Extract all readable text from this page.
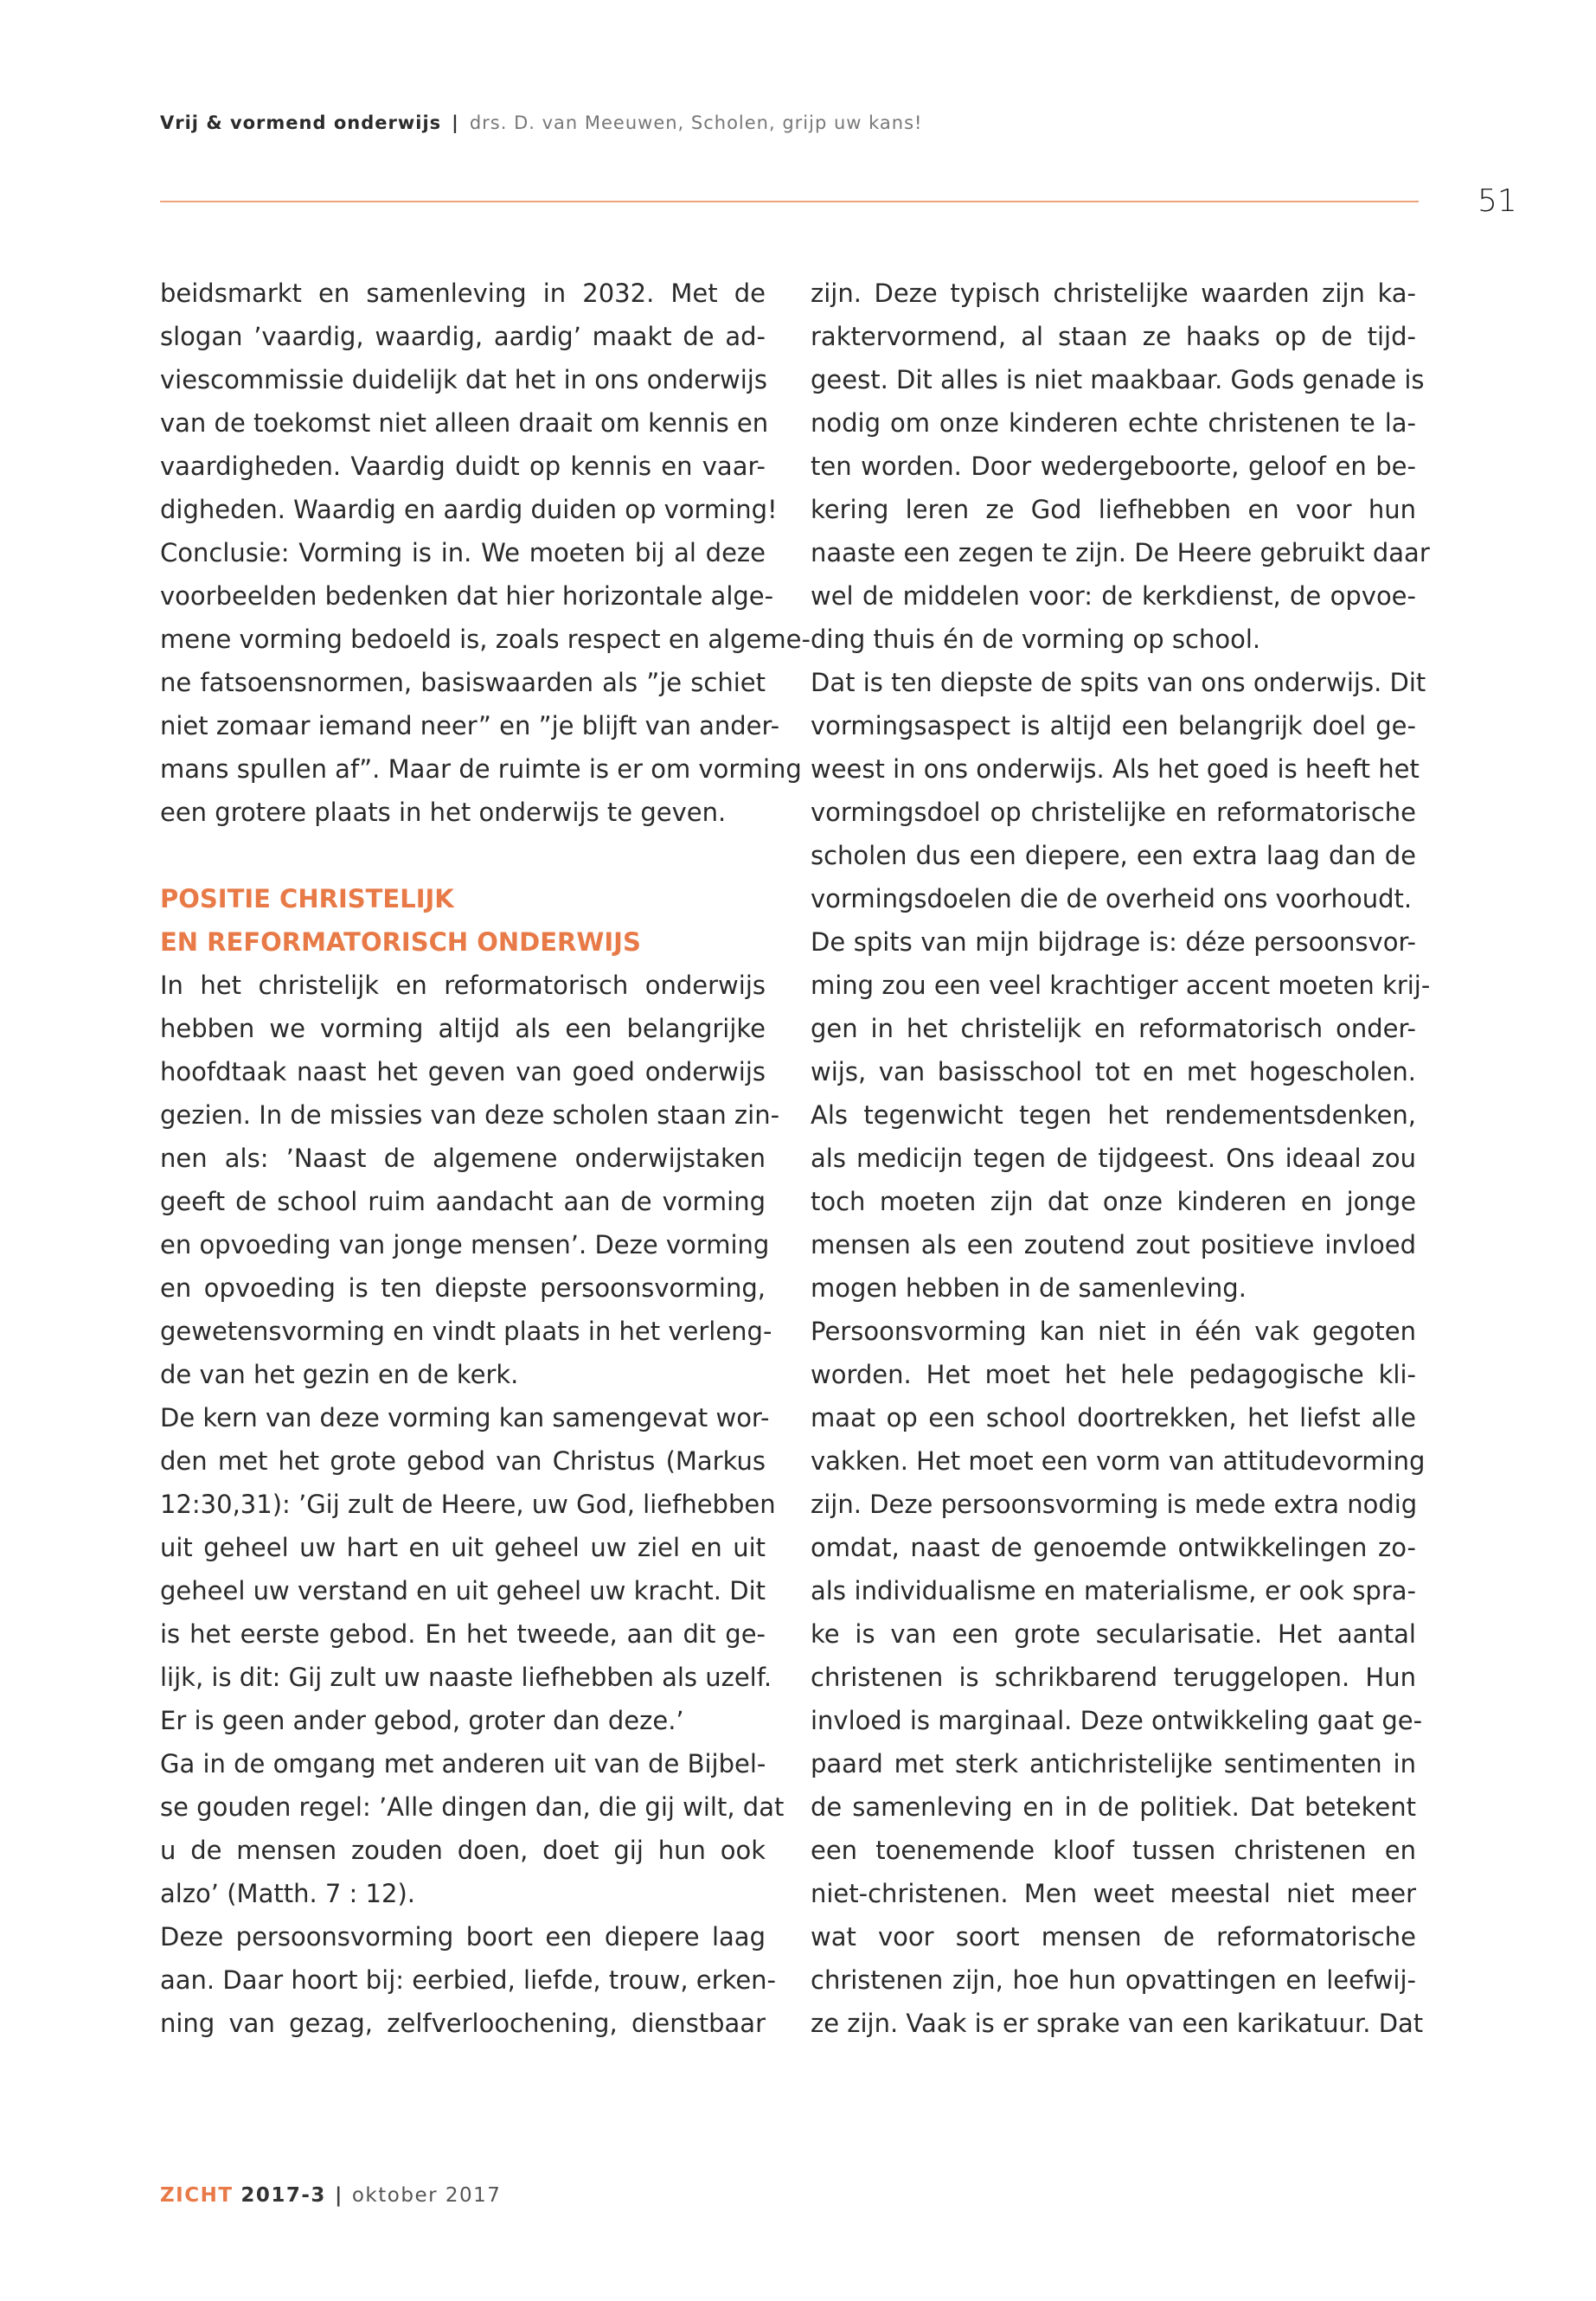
Vrij & vormend onderwijs | drs. D. van Meeuwen, Scholen, grijp uw kans!
51

beidsmarkt en samenleving in 2032. Met de
slogan ’vaardig, waardig, aardig’ maakt de ad-
viescommissie duidelijk dat het in ons onderwijs
van de toekomst niet alleen draait om kennis en
vaardigheden. Vaardig duidt op kennis en vaar-
digheden. Waardig en aardig duiden op vorming!
Conclusie: Vorming is in. We moeten bij al deze
voorbeelden bedenken dat hier horizontale alge-
mene vorming bedoeld is, zoals respect en algeme-
ne fatsoensnormen, basiswaarden als ”je schiet
niet zomaar iemand neer” en ”je blijft van ander-
mans spullen af”. Maar de ruimte is er om vorming
een grotere plaats in het onderwijs te geven.

POSITIE CHRISTELIJK
EN REFORMATORISCH ONDERWIJS

In het christelijk en reformatorisch onderwijs
hebben we vorming altijd als een belangrijke
hoofdtaak naast het geven van goed onderwijs
gezien. In de missies van deze scholen staan zin-
nen als: ’Naast de algemene onderwijstaken
geeft de school ruim aandacht aan de vorming
en opvoeding van jonge mensen’. Deze vorming
en opvoeding is ten diepste persoonsvorming,
gewetensvorming en vindt plaats in het verleng-
de van het gezin en de kerk.

De kern van deze vorming kan samengevat wor-
den met het grote gebod van Christus (Markus
12:30,31): ’Gij zult de Heere, uw God, liefhebben
uit geheel uw hart en uit geheel uw ziel en uit
geheel uw verstand en uit geheel uw kracht. Dit
is het eerste gebod. En het tweede, aan dit ge-
lijk, is dit: Gij zult uw naaste liefhebben als uzelf.
Er is geen ander gebod, groter dan deze.’

Ga in de omgang met anderen uit van de Bijbel-
se gouden regel: ’Alle dingen dan, die gij wilt, dat
u de mensen zouden doen, doet gij hun ook
alzo’ (Matth. 7 : 12).

Deze persoonsvorming boort een diepere laag
aan. Daar hoort bij: eerbied, liefde, trouw, erken-
ning van gezag, zelfverloochening, dienstbaar

zijn. Deze typisch christelijke waarden zijn ka-
raktervormend, al staan ze haaks op de tijd-
geest. Dit alles is niet maakbaar. Gods genade is
nodig om onze kinderen echte christenen te la-
ten worden. Door wedergeboorte, geloof en be-
kering leren ze God liefhebben en voor hun
naaste een zegen te zijn. De Heere gebruikt daar
wel de middelen voor: de kerkdienst, de opvoe-
ding thuis én de vorming op school.

Dat is ten diepste de spits van ons onderwijs. Dit
vormingsaspect is altijd een belangrijk doel ge-
weest in ons onderwijs. Als het goed is heeft het
vormingsdoel op christelijke en reformatorische
scholen dus een diepere, een extra laag dan de
vormingsdoelen die de overheid ons voorhoudt.

De spits van mijn bijdrage is: déze persoonsvor-
ming zou een veel krachtiger accent moeten krij-
gen in het christelijk en reformatorisch onder-
wijs, van basisschool tot en met hogescholen.
Als tegenwicht tegen het rendementsdenken,
als medicijn tegen de tijdgeest. Ons ideaal zou
toch moeten zijn dat onze kinderen en jonge
mensen als een zoutend zout positieve invloed
mogen hebben in de samenleving.

Persoonsvorming kan niet in één vak gegoten
worden. Het moet het hele pedagogische kli-
maat op een school doortrekken, het liefst alle
vakken. Het moet een vorm van attitudevorming
zijn. Deze persoonsvorming is mede extra nodig
omdat, naast de genoemde ontwikkelingen zo-
als individualisme en materialisme, er ook spra-
ke is van een grote secularisatie. Het aantal
christenen is schrikbarend teruggelopen. Hun
invloed is marginaal. Deze ontwikkeling gaat ge-
paard met sterk antichristelijke sentimenten in
de samenleving en in de politiek. Dat betekent
een toenemende kloof tussen christenen en
niet-christenen. Men weet meestal niet meer
wat voor soort mensen de reformatorische
christenen zijn, hoe hun opvattingen en leefwij-
ze zijn. Vaak is er sprake van een karikatuur. Dat

ZICHT 2017-3 | oktober 2017
